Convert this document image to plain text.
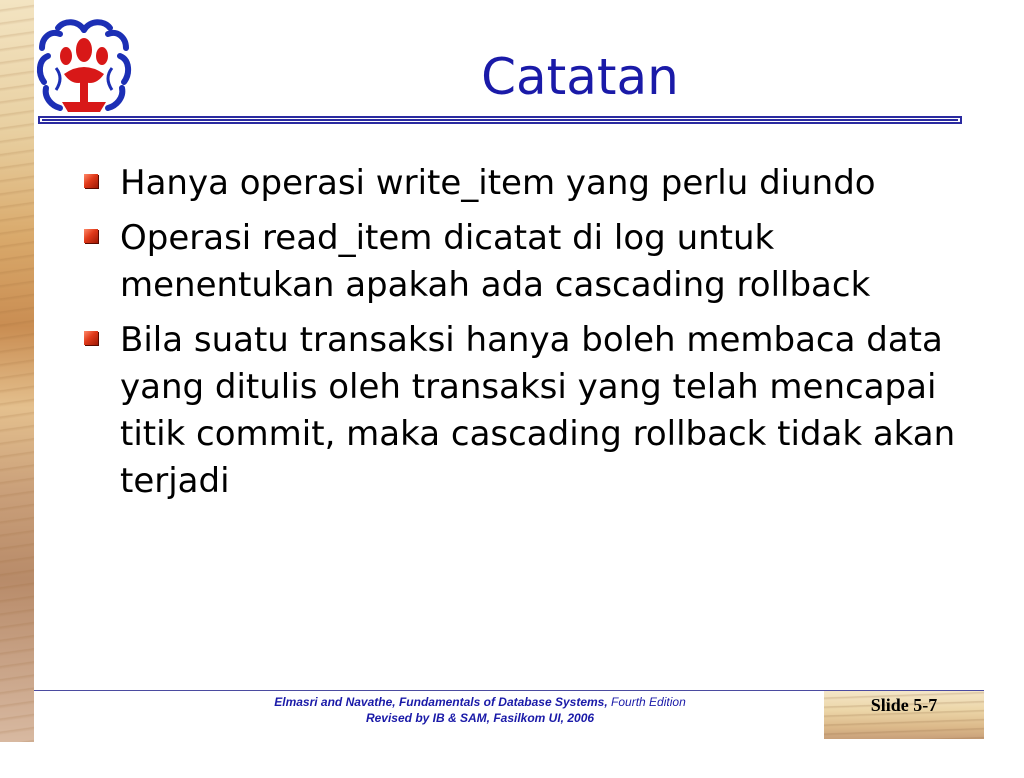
Catatan
Hanya operasi write_item yang perlu diundo
Operasi read_item dicatat di log untuk menentukan apakah ada cascading rollback
Bila suatu transaksi hanya boleh membaca data yang ditulis oleh transaksi yang telah mencapai titik commit, maka cascading rollback tidak akan terjadi
Elmasri and Navathe, Fundamentals of Database Systems, Fourth Edition
Revised by IB & SAM, Fasilkom UI, 2006
Slide 5-7
